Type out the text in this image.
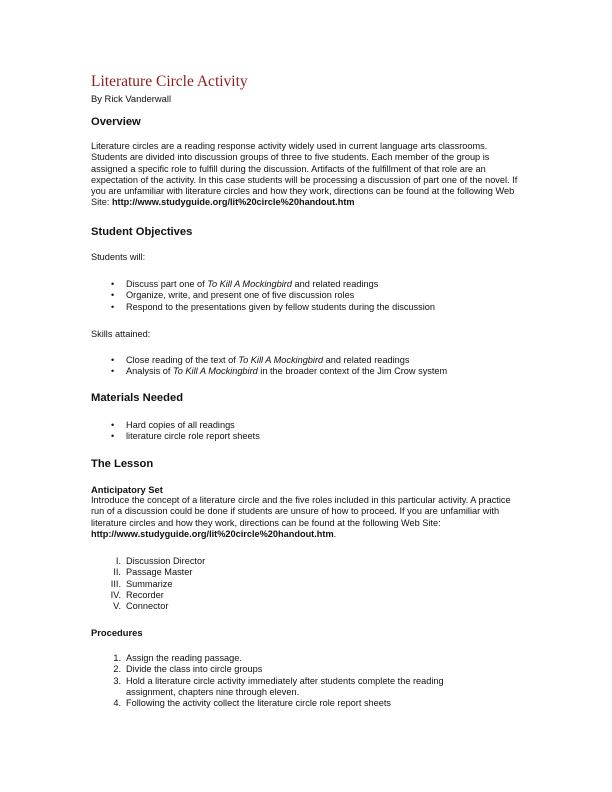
Literature Circle Activity
By Rick Vanderwall
Overview
Literature circles are a reading response activity widely used in current language arts classrooms. Students are divided into discussion groups of three to five students. Each member of the group is assigned a specific role to fulfill during the discussion. Artifacts of the fulfillment of that role are an expectation of the activity. In this case students will be processing a discussion of part one of the novel. If you are unfamiliar with literature circles and how they work, directions can be found at the following Web Site: http://www.studyguide.org/lit%20circle%20handout.htm
Student Objectives
Students will:
•	Discuss part one of To Kill A Mockingbird and related readings
•	Organize, write, and present one of five discussion roles
•	Respond to the presentations given by fellow students during the discussion
Skills attained:
•	Close reading of the text of To Kill A Mockingbird and related readings
•	Analysis of To Kill A Mockingbird in the broader context of the Jim Crow system
Materials Needed
•	Hard copies of all readings
•	literature circle role report sheets
The Lesson
Anticipatory Set
Introduce the concept of a literature circle and the five roles included in this particular activity. A practice run of a discussion could be done if students are unsure of how to proceed. If you are unfamiliar with literature circles and how they work, directions can be found at the following Web Site: http://www.studyguide.org/lit%20circle%20handout.htm.
I. Discussion Director
II. Passage Master
III. Summarize
IV. Recorder
V. Connector
Procedures
1. Assign the reading passage.
2. Divide the class into circle groups
3. Hold a literature circle activity immediately after students complete the reading assignment, chapters nine through eleven.
4. Following the activity collect the literature circle role report sheets
